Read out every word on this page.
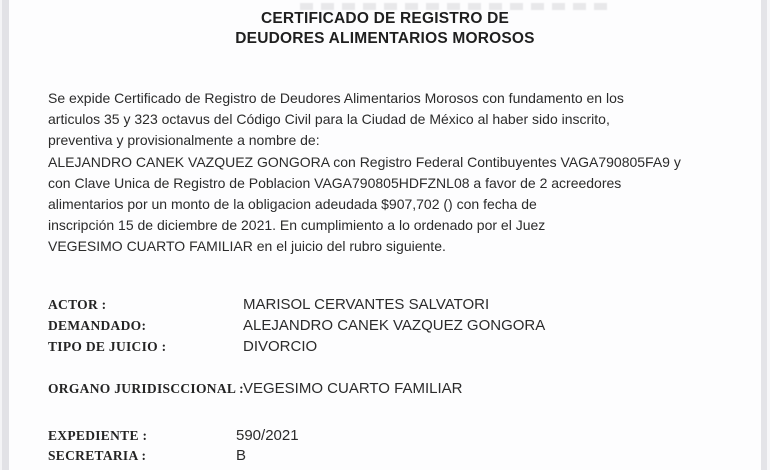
CERTIFICADO DE REGISTRO DE
DEUDORES ALIMENTARIOS MOROSOS
Se expide Certificado de Registro de Deudores Alimentarios Morosos con fundamento en los
articulos 35 y 323 octavus del Código Civil para la Ciudad de México al haber sido inscrito,
preventiva y provisionalmente a nombre de:
ALEJANDRO CANEK VAZQUEZ GONGORA con Registro Federal Contibuyentes VAGA790805FA9 y
con Clave Unica de Registro de Poblacion VAGA790805HDFZNL08 a favor de 2 acreedores
alimentarios por un monto de la obligacion adeudada $907,702 () con fecha de
inscripción 15 de diciembre de 2021. En cumplimiento a lo ordenado por el Juez
VEGESIMO CUARTO FAMILIAR en el juicio del rubro siguiente.
ACTOR :	MARISOL CERVANTES SALVATORI
DEMANDADO:	ALEJANDRO CANEK VAZQUEZ GONGORA
TIPO DE JUICIO :	DIVORCIO
ORGANO JURIDISCCIONAL : VEGESIMO CUARTO FAMILIAR
EXPEDIENTE :	590/2021
SECRETARIA :	B
